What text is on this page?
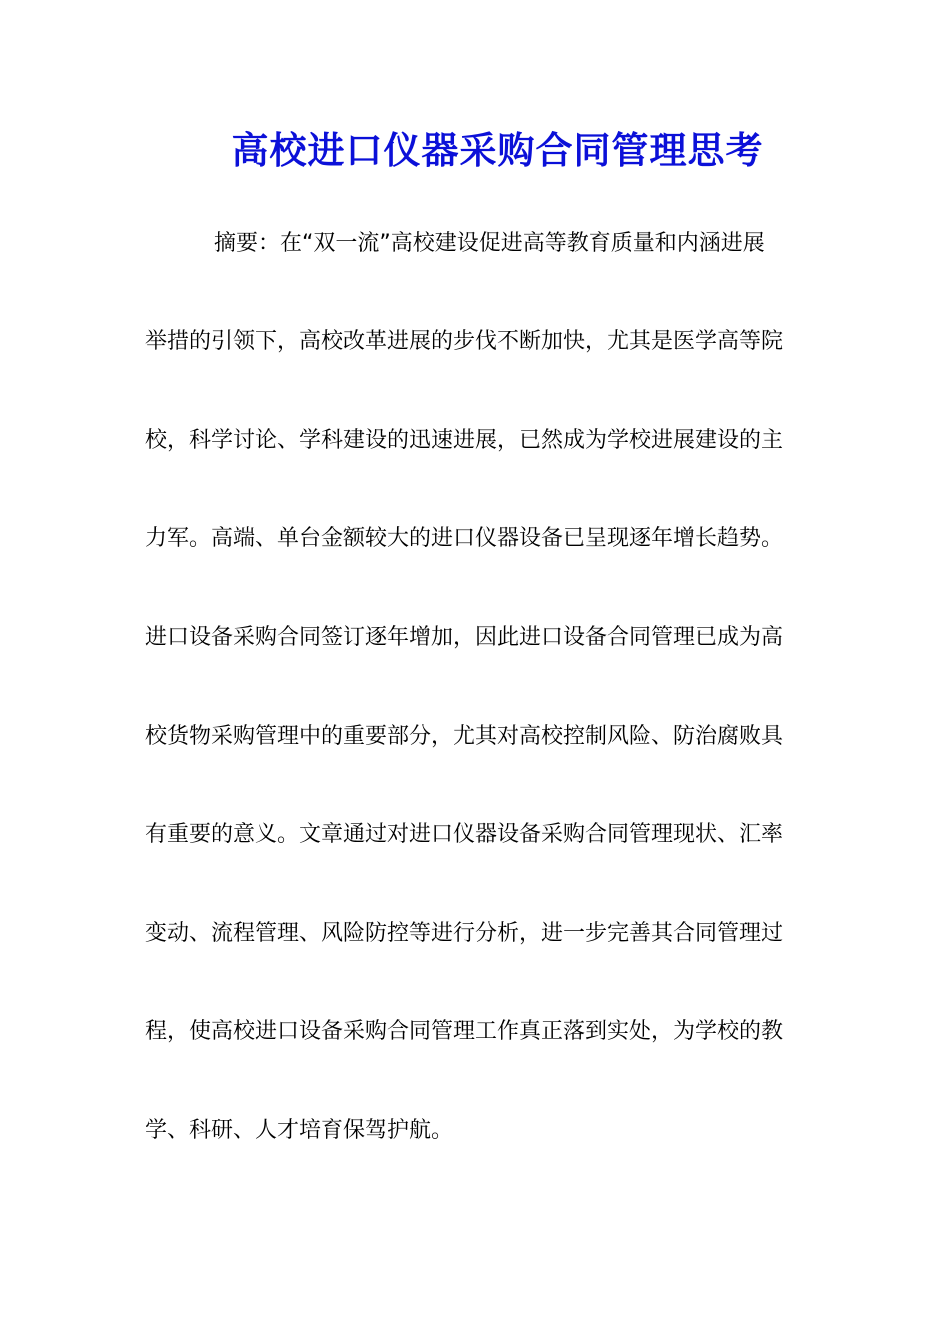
高校进口仪器采购合同管理思考
摘要：在“双一流”高校建设促进高等教育质量和内涵进展
举措的引领下，高校改革进展的步伐不断加快，尤其是医学高等院
校，科学讨论、学科建设的迅速进展，已然成为学校进展建设的主
力军。高端、单台金额较大的进口仪器设备已呈现逐年增长趋势。
进口设备采购合同签订逐年增加，因此进口设备合同管理已成为高
校货物采购管理中的重要部分，尤其对高校控制风险、防治腐败具
有重要的意义。文章通过对进口仪器设备采购合同管理现状、汇率
变动、流程管理、风险防控等进行分析，进一步完善其合同管理过
程，使高校进口设备采购合同管理工作真正落到实处，为学校的教
学、科研、人才培育保驾护航。
